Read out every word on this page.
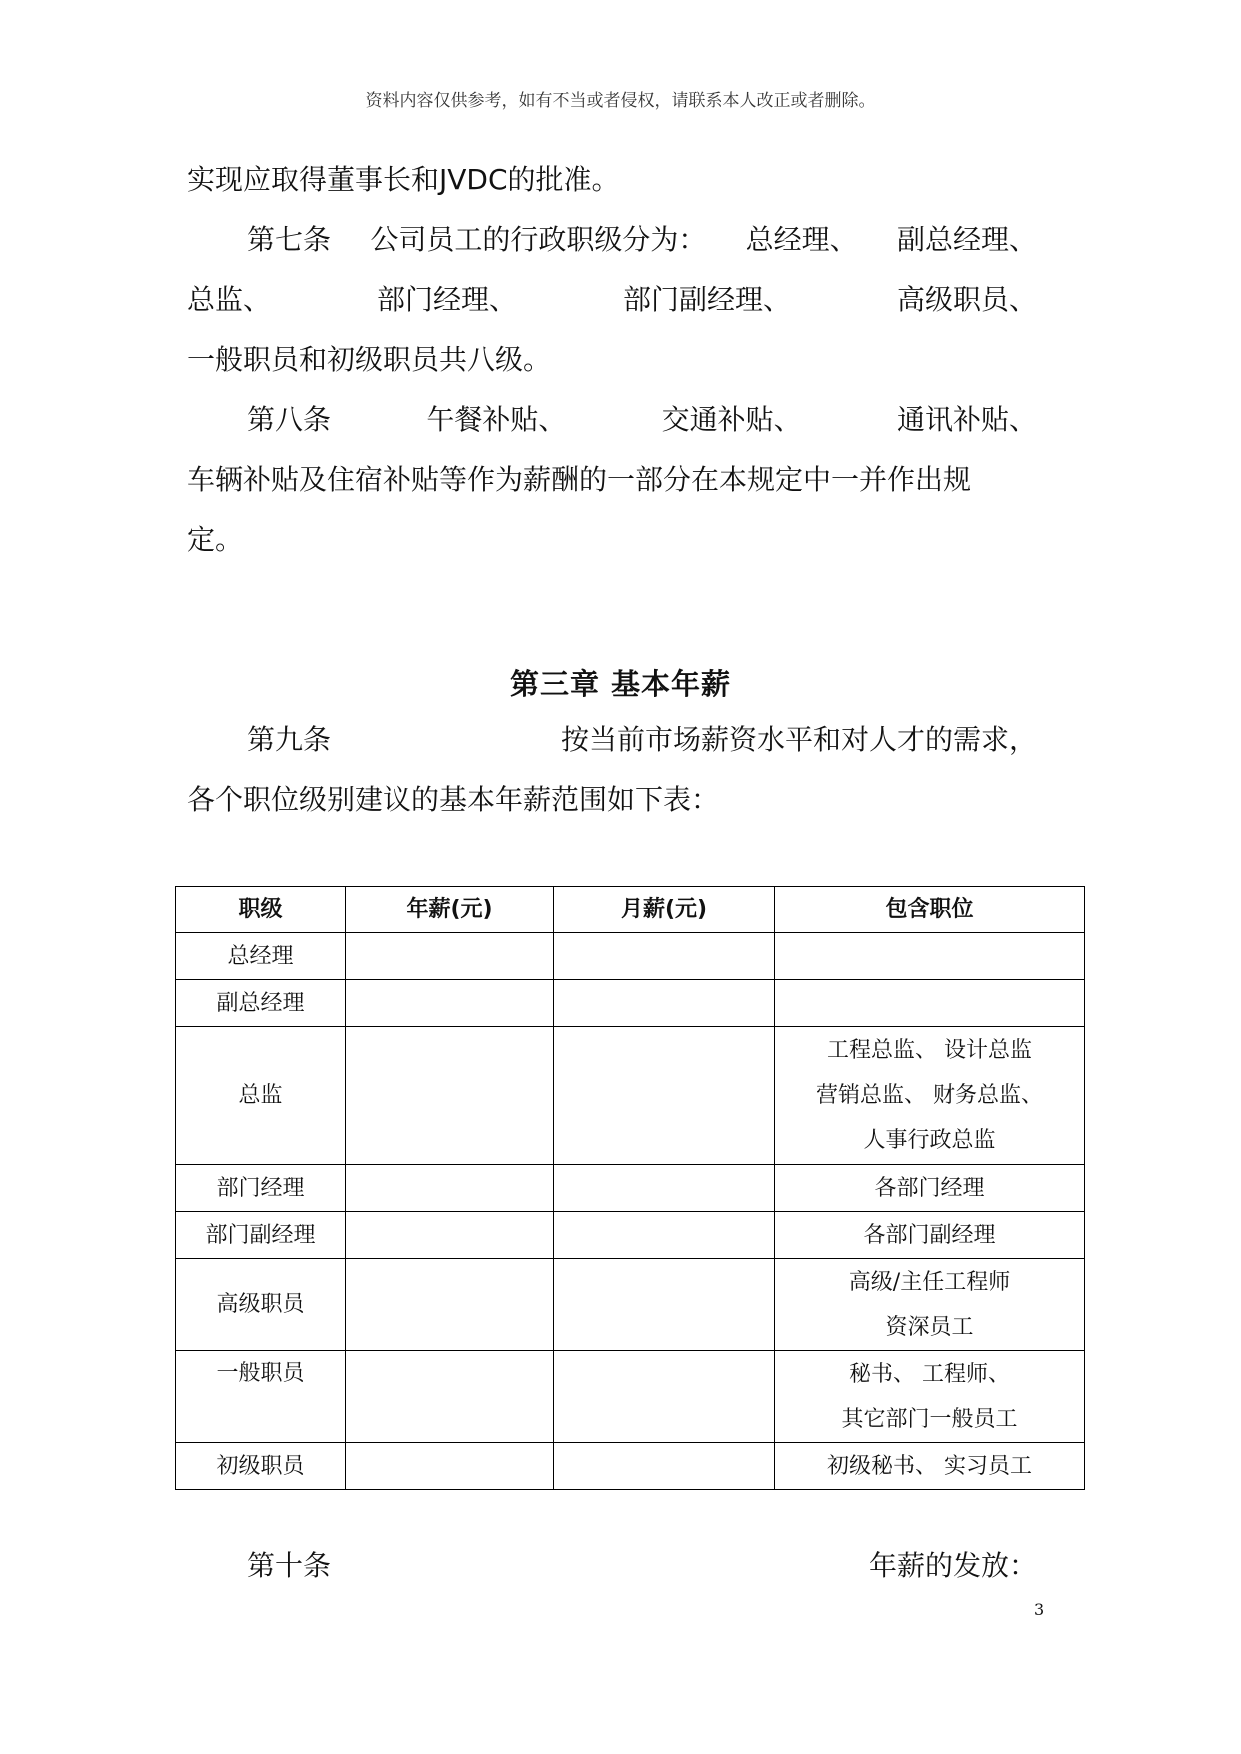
资料内容仅供参考，如有不当或者侵权，请联系本人改正或者删除。
实现应取得董事长和JVDC的批准。
第七条 公司员工的行政职级分为： 总经理、 副总经理、
总监、	部门经理、	部门副经理、	高级职员、
一般职员和初级职员共八级。
第八条	午餐补贴、	交通补贴、	通讯补贴、
车辆补贴及住宿补贴等作为薪酬的一部分在本规定中一并作出规
定。
第三章 基本年薪
第九条	按当前市场薪资水平和对人才的需求，
各个职位级别建议的基本年薪范围如下表：
职级	年薪(元)	月薪(元)	包含职位
总经理			
副总经理			
总监			工程总监、 设计总监
营销总监、 财务总监、
人事行政总监

部门经理			各部门经理
部门副经理			各部门副经理
高级职员			高级/主任工程师
资深员工

一般职员			秘书、 工程师、
其它部门一般员工

初级职员			初级秘书、 实习员工
第十条	年薪的发放：
3
